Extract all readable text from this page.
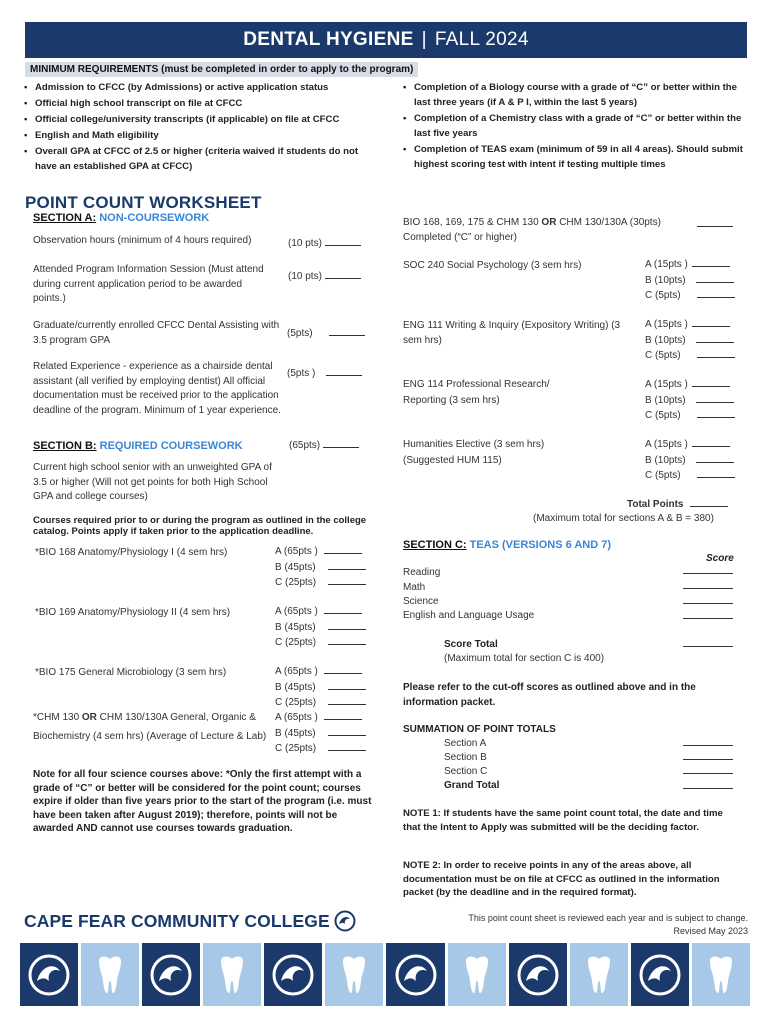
DENTAL HYGIENE | FALL 2024
MINIMUM REQUIREMENTS (must be completed in order to apply to the program)
• Admission to CFCC (by Admissions) or active application status
• Official high school transcript on file at CFCC
• Official college/university transcripts (if applicable) on file at CFCC
• English and Math eligibility
• Overall GPA at CFCC of 2.5 or higher (criteria waived if students do not have an established GPA at CFCC)
• Completion of a Biology course with a grade of “C” or better within the last three years (if A & P I, within the last 5 years)
• Completion of a Chemistry class with a grade of “C” or better within the last five years
• Completion of TEAS exam (minimum of 59 in all 4 areas). Should submit highest scoring test with intent if testing multiple times
POINT COUNT WORKSHEET
SECTION A: NON-COURSEWORK
Observation hours (minimum of 4 hours required)	(10 pts)
Attended Program Information Session (Must attend during current application period to be awarded points.)
(10 pts)
Graduate/currently enrolled CFCC Dental Assisting with 3.5 program GPA
(5pts)
Related Experience - experience as a chairside dental assistant (all verified by employing dentist) All official documentation must be received prior to the application deadline of the program. Minimum of 1 year experience.
(5pts )
SECTION B: REQUIRED COURSEWORK	(65pts)
Current high school senior with an unweighted GPA of 3.5 or higher (Will not get points for both High School GPA and college courses)
Courses required prior to or during the program as outlined in the college catalog. Points apply if taken prior to the application deadline.
*BIO 168 Anatomy/Physiology I (4 sem hrs)	A (65pts )
B (45pts)
C (25pts)
*BIO 169 Anatomy/Physiology II (4 sem hrs)	A (65pts )
B (45pts)
C (25pts)
*BIO 175 General Microbiology (3 sem hrs)	A (65pts )
B (45pts)
C (25pts)
*CHM 130 OR CHM 130/130A General, Organic &
Biochemistry (4 sem hrs) (Average of Lecture & Lab)
A (65pts )
B (45pts)
C (25pts)
Note for all four science courses above: *Only the first attempt with a grade of “C” or better will be considered for the point count; courses expire if older than five years prior to the start of the program (i.e. must have been taken after August 2019); therefore, points will not be awarded AND cannot use courses towards graduation.
BIO 168, 169, 175 & CHM 130 OR CHM 130/130A (30pts)
Completed (“C” or higher)
SOC 240 Social Psychology (3 sem hrs)	A (15pts )
B (10pts)
C (5pts)
ENG 111 Writing & Inquiry (Expository Writing) (3 sem hrs)
A (15pts )
B (10pts)
C (5pts)
ENG 114 Professional Research/ Reporting (3 sem hrs)
A (15pts )
B (10pts)
C (5pts)
Humanities Elective (3 sem hrs) (Suggested HUM 115)
A (15pts )
B (10pts)
C (5pts)
Total Points
(Maximum total for sections A & B = 380)
SECTION C: TEAS (VERSIONS 6 AND 7)
Score
Reading
Math
Science
English and Language Usage
Score Total
(Maximum total for section C is 400)
Please refer to the cut-off scores as outlined above and in the information packet.
SUMMATION OF POINT TOTALS
Section A
Section B
Section C
Grand Total
NOTE 1: If students have the same point count total, the date and time that the Intent to Apply was submitted will be the deciding factor.
NOTE 2: In order to receive points in any of the areas above, all documentation must be on file at CFCC as outlined in the information packet (by the deadline and in the required format).
CAPE FEAR COMMUNITY COLLEGE	This point count sheet is reviewed each year and is subject to change.
Revised May 2023
